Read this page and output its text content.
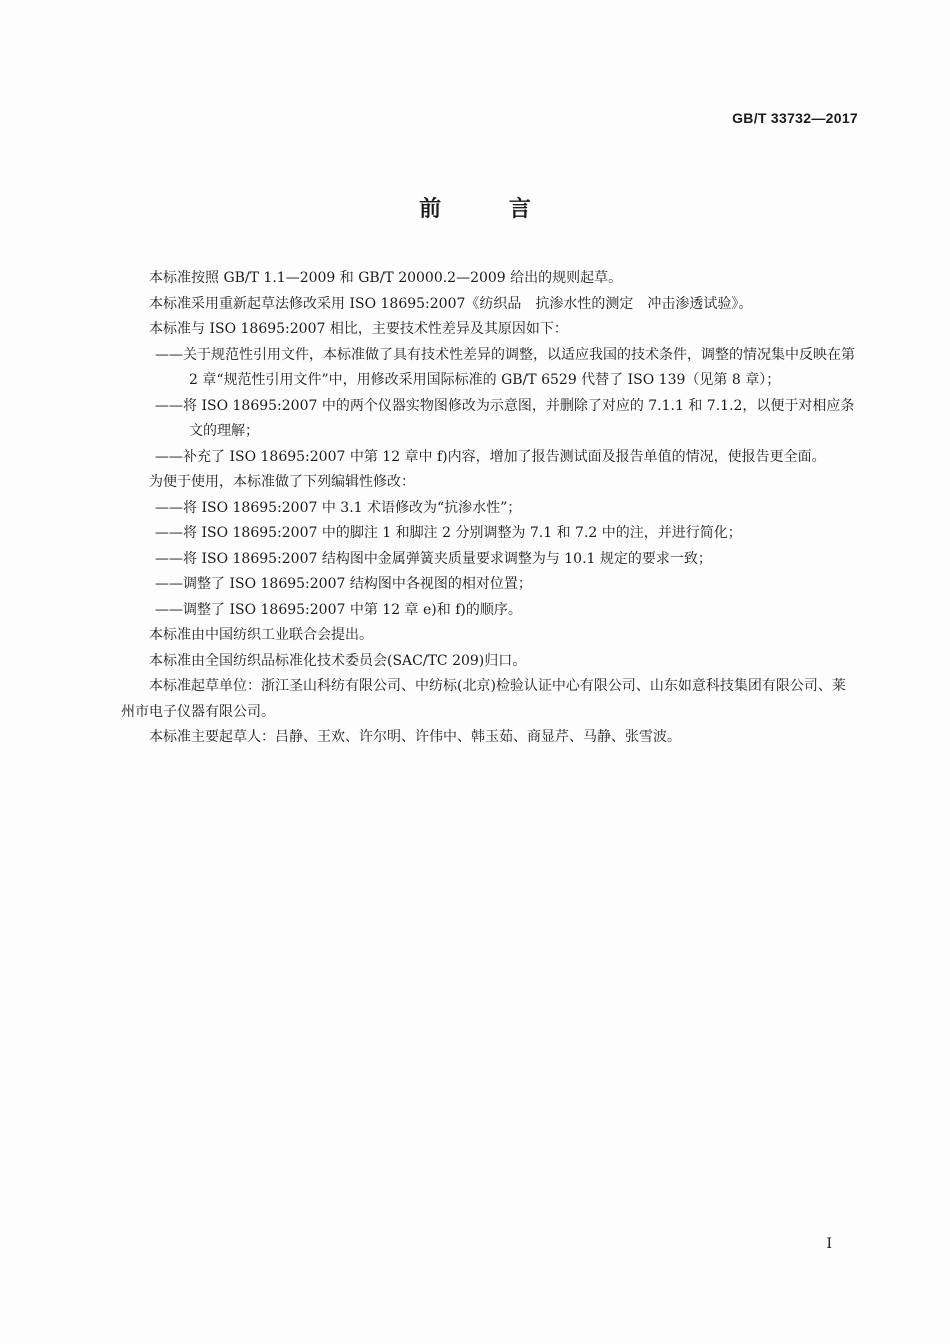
GB/T 33732—2017
前 言

本标准按照 GB/T 1.1—2009 和 GB/T 20000.2—2009 给出的规则起草。

本标准采用重新起草法修改采用 ISO 18695:2007《纺织品　抗渗水性的测定　冲击渗透试验》。

本标准与 ISO 18695:2007 相比，主要技术性差异及其原因如下：

——关于规范性引用文件，本标准做了具有技术性差异的调整，以适应我国的技术条件，调整的情况集中反映在第 2 章“规范性引用文件”中，用修改采用国际标准的 GB/T 6529 代替了 ISO 139（见第 8 章）；

——将 ISO 18695:2007 中的两个仪器实物图修改为示意图，并删除了对应的 7.1.1 和 7.1.2，以便于对相应条文的理解；

——补充了 ISO 18695:2007 中第 12 章中 f)内容，增加了报告测试面及报告单值的情况，使报告更全面。

为便于使用，本标准做了下列编辑性修改：

——将 ISO 18695:2007 中 3.1 术语修改为“抗渗水性”；

——将 ISO 18695:2007 中的脚注 1 和脚注 2 分别调整为 7.1 和 7.2 中的注，并进行简化；

——将 ISO 18695:2007 结构图中金属弹簧夹质量要求调整为与 10.1 规定的要求一致；

——调整了 ISO 18695:2007 结构图中各视图的相对位置；

——调整了 ISO 18695:2007 中第 12 章 e)和 f)的顺序。

本标准由中国纺织工业联合会提出。

本标准由全国纺织品标准化技术委员会(SAC/TC 209)归口。

本标准起草单位：浙江圣山科纺有限公司、中纺标(北京)检验认证中心有限公司、山东如意科技集团有限公司、莱州市电子仪器有限公司。

本标准主要起草人：吕静、王欢、许尔明、许伟中、韩玉茹、商显芹、马静、张雪波。

I
